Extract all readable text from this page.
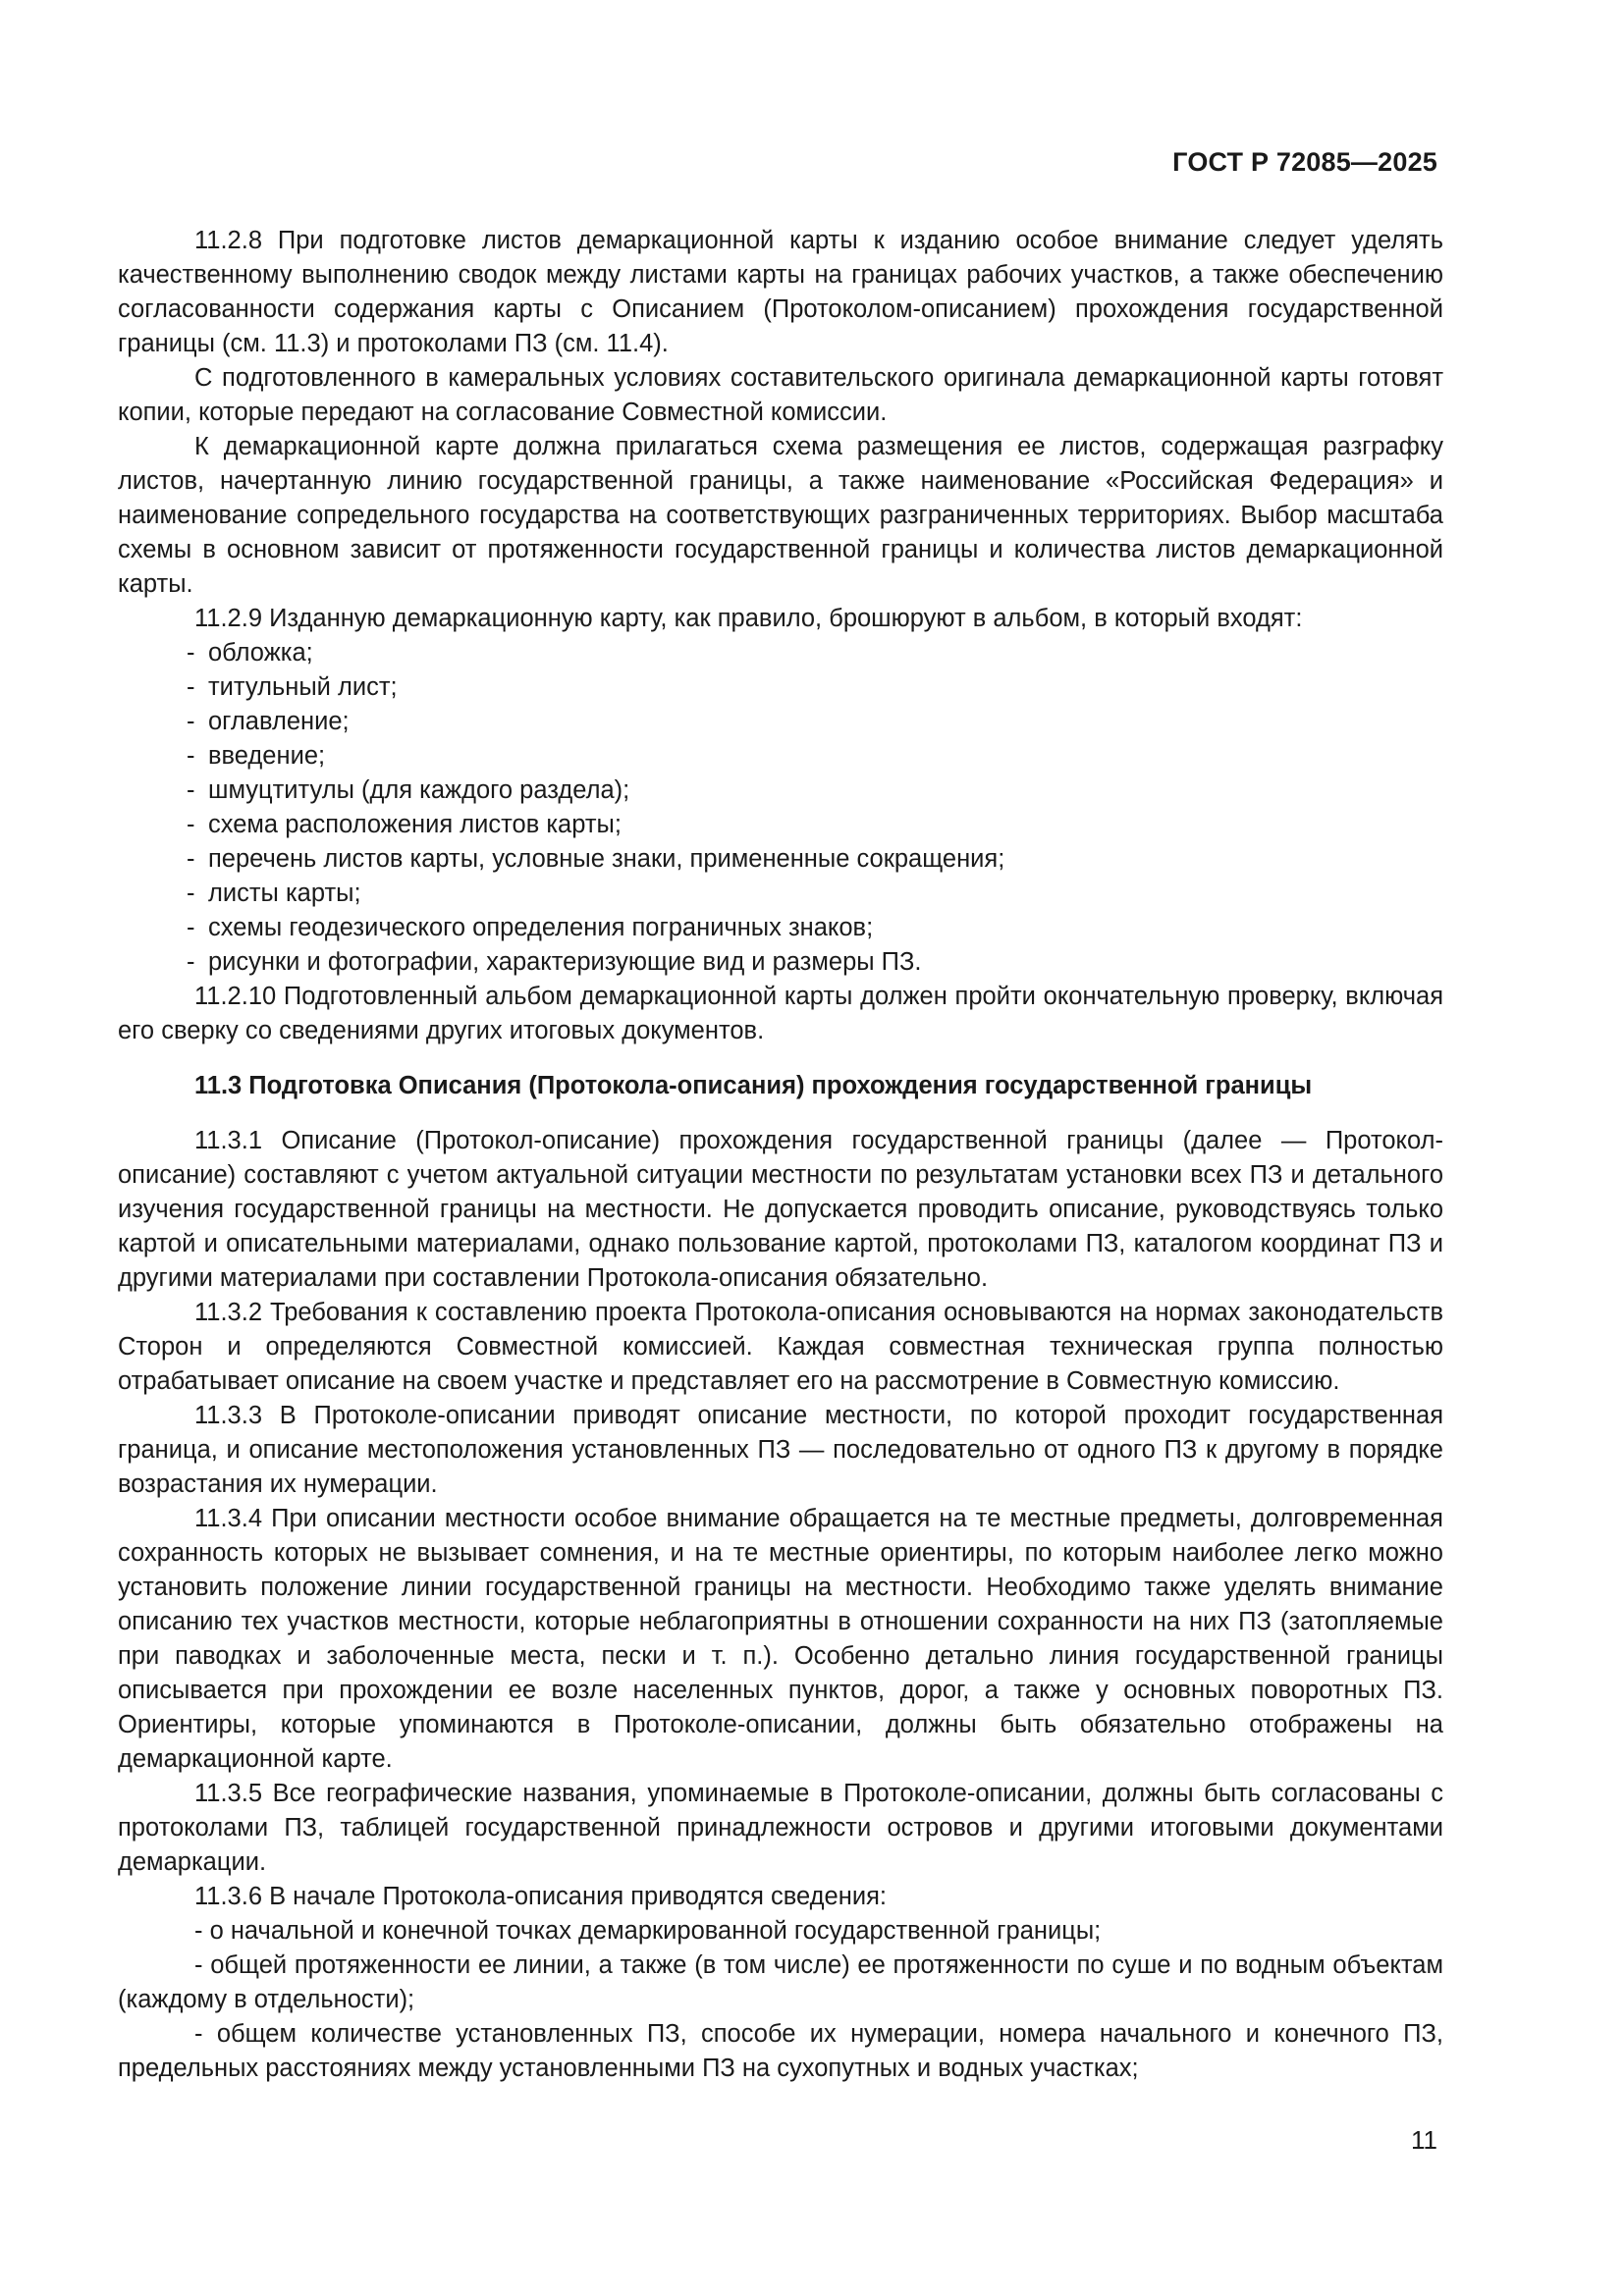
ГОСТ Р 72085—2025

11.2.8 При подготовке листов демаркационной карты к изданию особое внимание следует уделять качественному выполнению сводок между листами карты на границах рабочих участков, а также обеспечению согласованности содержания карты с Описанием (Протоколом-описанием) прохождения государственной границы (см. 11.3) и протоколами ПЗ (см. 11.4).

С подготовленного в камеральных условиях составительского оригинала демаркационной карты готовят копии, которые передают на согласование Совместной комиссии.

К демаркационной карте должна прилагаться схема размещения ее листов, содержащая разграфку листов, начертанную линию государственной границы, а также наименование «Российская Федерация» и наименование сопредельного государства на соответствующих разграниченных территориях. Выбор масштаба схемы в основном зависит от протяженности государственной границы и количества листов демаркационной карты.

11.2.9 Изданную демаркационную карту, как правило, брошюруют в альбом, в который входят:

- обложка;

- титульный лист;

- оглавление;

- введение;

- шмуцтитулы (для каждого раздела);

- схема расположения листов карты;

- перечень листов карты, условные знаки, примененные сокращения;

- листы карты;

- схемы геодезического определения пограничных знаков;

- рисунки и фотографии, характеризующие вид и размеры ПЗ.

11.2.10 Подготовленный альбом демаркационной карты должен пройти окончательную проверку, включая его сверку со сведениями других итоговых документов.

11.3 Подготовка Описания (Протокола-описания) прохождения государственной границы

11.3.1 Описание (Протокол-описание) прохождения государственной границы (далее — Протокол-описание) составляют с учетом актуальной ситуации местности по результатам установки всех ПЗ и детального изучения государственной границы на местности. Не допускается проводить описание, руководствуясь только картой и описательными материалами, однако пользование картой, протоколами ПЗ, каталогом координат ПЗ и другими материалами при составлении Протокола-описания обязательно.

11.3.2 Требования к составлению проекта Протокола-описания основываются на нормах законодательств Сторон и определяются Совместной комиссией. Каждая совместная техническая группа полностью отрабатывает описание на своем участке и представляет его на рассмотрение в Совместную комиссию.

11.3.3 В Протоколе-описании приводят описание местности, по которой проходит государственная граница, и описание местоположения установленных ПЗ — последовательно от одного ПЗ к другому в порядке возрастания их нумерации.

11.3.4 При описании местности особое внимание обращается на те местные предметы, долговременная сохранность которых не вызывает сомнения, и на те местные ориентиры, по которым наиболее легко можно установить положение линии государственной границы на местности. Необходимо также уделять внимание описанию тех участков местности, которые неблагоприятны в отношении сохранности на них ПЗ (затопляемые при паводках и заболоченные места, пески и т. п.). Особенно детально линия государственной границы описывается при прохождении ее возле населенных пунктов, дорог, а также у основных поворотных ПЗ. Ориентиры, которые упоминаются в Протоколе-описании, должны быть обязательно отображены на демаркационной карте.

11.3.5 Все географические названия, упоминаемые в Протоколе-описании, должны быть согласованы с протоколами ПЗ, таблицей государственной принадлежности островов и другими итоговыми документами демаркации.

11.3.6 В начале Протокола-описания приводятся сведения:

- о начальной и конечной точках демаркированной государственной границы;

- общей протяженности ее линии, а также (в том числе) ее протяженности по суше и по водным объектам (каждому в отдельности);

- общем количестве установленных ПЗ, способе их нумерации, номера начального и конечного ПЗ, предельных расстояниях между установленными ПЗ на сухопутных и водных участках;

11
